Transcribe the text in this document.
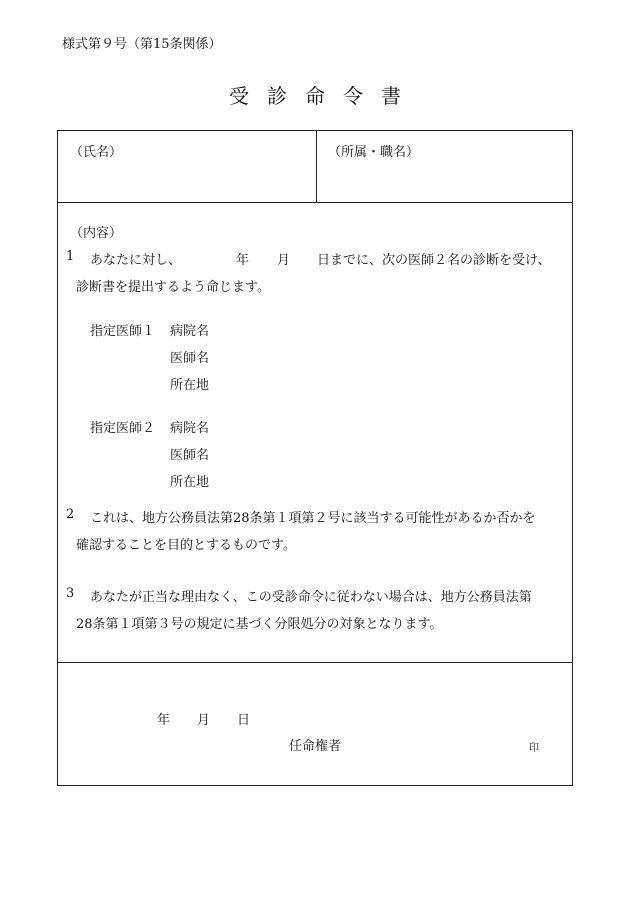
様式第９号（第15条関係）
受診命令書
（氏名）	（所属・職名）
（内容）
1 あなたに対し、	年 月 日までに、次の医師２名の診断を受け、
診断書を提出するよう命じます。
指定医師１ 病院名
医師名
所在地
指定医師２ 病院名
医師名
所在地
2 これは、地方公務員法第28条第１項第２号に該当する可能性があるか否かを
確認することを目的とするものです。
3 あなたが正当な理由なく、この受診命令に従わない場合は、地方公務員法第
28条第１項第３号の規定に基づく分限処分の対象となります。
年 月 日
任命権者	印
